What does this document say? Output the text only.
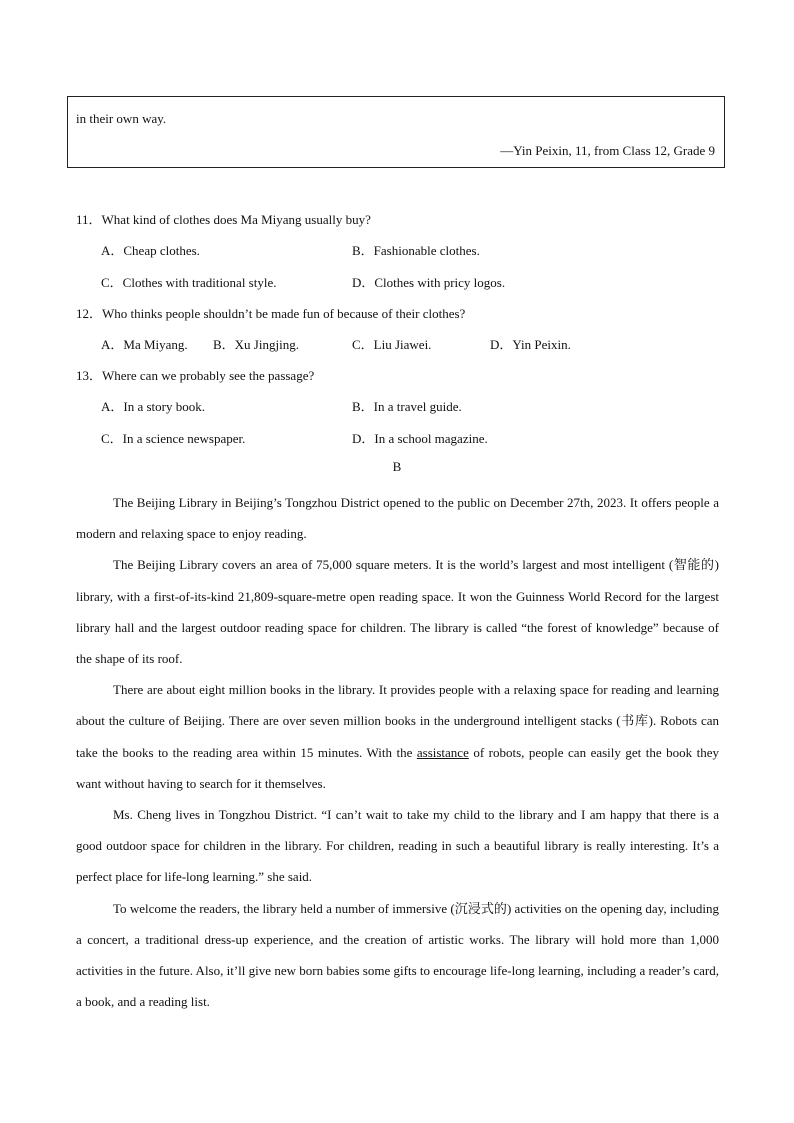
in their own way.
—Yin Peixin, 11, from Class 12, Grade 9
11．What kind of clothes does Ma Miyang usually buy?
A．Cheap clothes.	B．Fashionable clothes.
C．Clothes with traditional style.	D．Clothes with pricy logos.
12．Who thinks people shouldn’t be made fun of because of their clothes?
A．Ma Miyang. B．Xu Jingjing.	C．Liu Jiawei.	D．Yin Peixin.
13．Where can we probably see the passage?
A．In a story book.	B．In a travel guide.
C．In a science newspaper.	D．In a school magazine.
B

The Beijing Library in Beijing’s Tongzhou District opened to the public on December 27th, 2023. It offers people a modern and relaxing space to enjoy reading.

The Beijing Library covers an area of 75,000 square meters. It is the world’s largest and most intelligent (智能的) library, with a first-of-its-kind 21,809-square-metre open reading space. It won the Guinness World Record for the largest library hall and the largest outdoor reading space for children. The library is called “the forest of knowledge” because of the shape of its roof.

There are about eight million books in the library. It provides people with a relaxing space for reading and learning about the culture of Beijing. There are over seven million books in the underground intelligent stacks (书库). Robots can take the books to the reading area within 15 minutes. With the assistance of robots, people can easily get the book they want without having to search for it themselves.

Ms. Cheng lives in Tongzhou District. “I can’t wait to take my child to the library and I am happy that there is a good outdoor space for children in the library. For children, reading in such a beautiful library is really interesting. It’s a perfect place for life-long learning.” she said.

To welcome the readers, the library held a number of immersive (沉浸式的) activities on the opening day, including a concert, a traditional dress-up experience, and the creation of artistic works. The library will hold more than 1,000 activities in the future. Also, it’ll give new born babies some gifts to encourage life-long learning, including a reader’s card, a book, and a reading list.
